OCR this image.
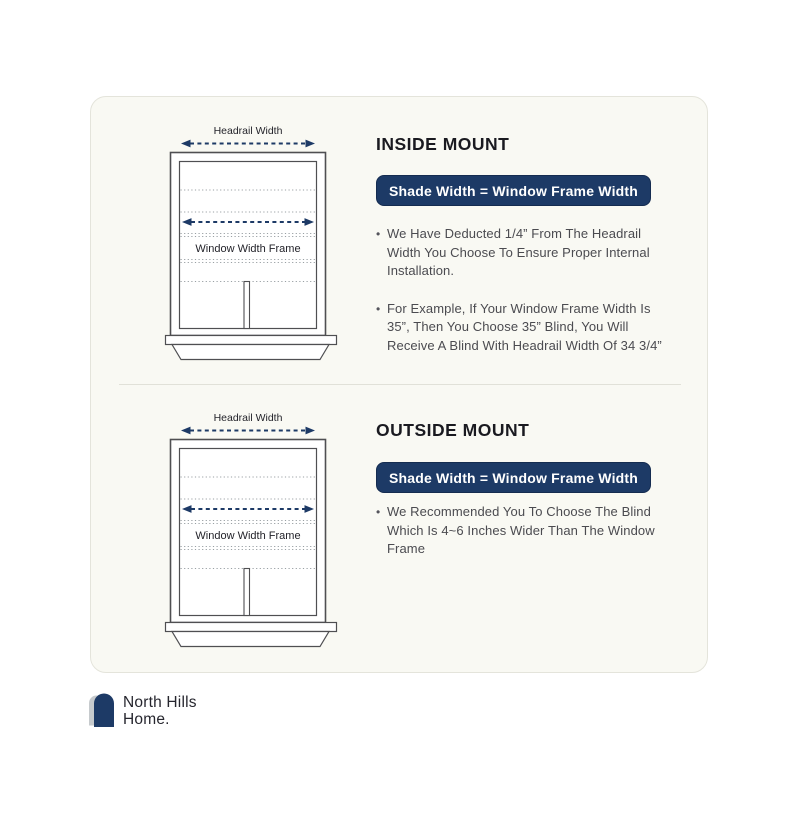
Headrail Width
Window Width Frame
INSIDE MOUNT
Shade Width = Window Frame Width
• We Have Deducted 1/4” From The Headrail Width You Choose To Ensure Proper Internal Installation.
• For Example, If Your Window Frame Width Is 35”, Then You Choose 35” Blind, You Will Receive A Blind With Headrail Width Of 34 3/4”
Headrail Width
Window Width Frame
OUTSIDE MOUNT
Shade Width = Window Frame Width
• We Recommended You To Choose The Blind Which Is 4~6 Inches Wider Than The Window Frame
North Hills
Home.
